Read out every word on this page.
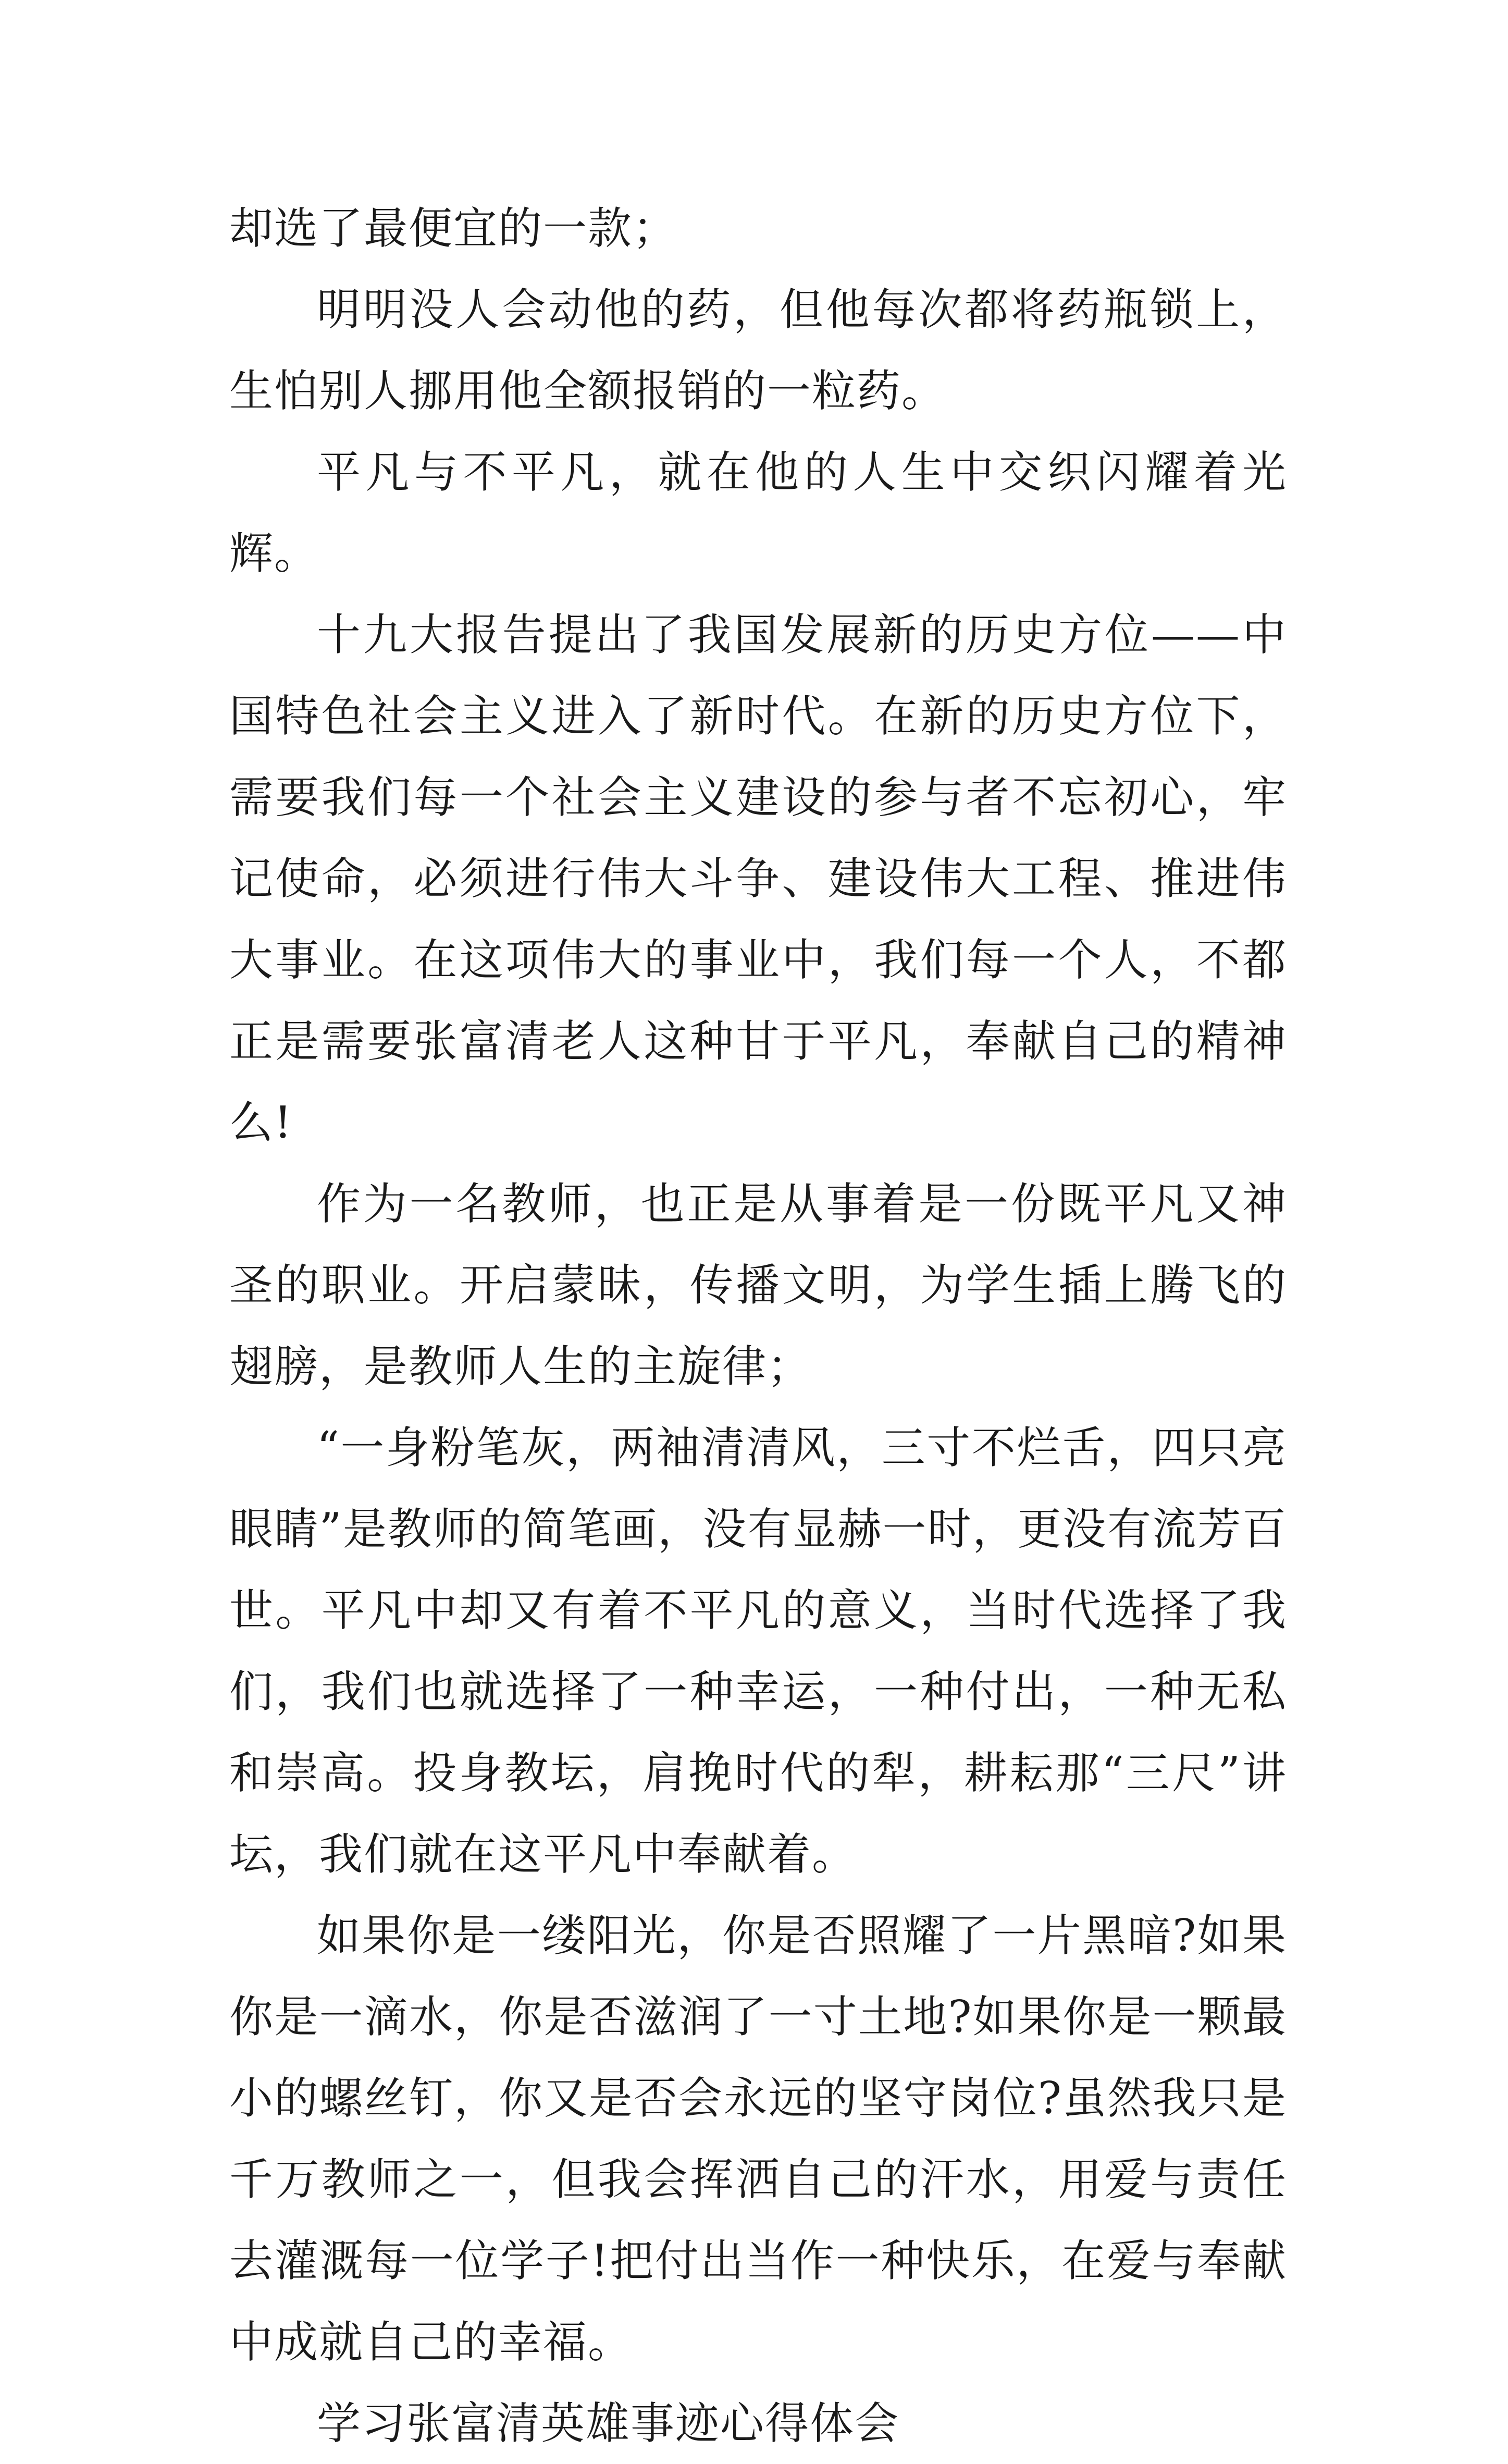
却选了最便宜的一款；

明明没人会动他的药，但他每次都将药瓶锁上，生怕别人挪用他全额报销的一粒药。

平凡与不平凡，就在他的人生中交织闪耀着光辉。

十九大报告提出了我国发展新的历史方位——中国特色社会主义进入了新时代。在新的历史方位下，需要我们每一个社会主义建设的参与者不忘初心，牢记使命，必须进行伟大斗争、建设伟大工程、推进伟大事业。在这项伟大的事业中，我们每一个人，不都正是需要张富清老人这种甘于平凡，奉献自己的精神么!

作为一名教师，也正是从事着是一份既平凡又神圣的职业。开启蒙昧，传播文明，为学生插上腾飞的翅膀，是教师人生的主旋律；

“一身粉笔灰，两袖清清风，三寸不烂舌，四只亮眼睛”是教师的简笔画，没有显赫一时，更没有流芳百世。平凡中却又有着不平凡的意义，当时代选择了我们，我们也就选择了一种幸运，一种付出，一种无私和崇高。投身教坛，肩挽时代的犁，耕耘那“三尺”讲坛，我们就在这平凡中奉献着。

如果你是一缕阳光，你是否照耀了一片黑暗?如果你是一滴水，你是否滋润了一寸土地?如果你是一颗最小的螺丝钉，你又是否会永远的坚守岗位?虽然我只是千万教师之一，但我会挥洒自己的汗水，用爱与责任去灌溉每一位学子!把付出当作一种快乐，在爱与奉献中成就自己的幸福。

学习张富清英雄事迹心得体会
